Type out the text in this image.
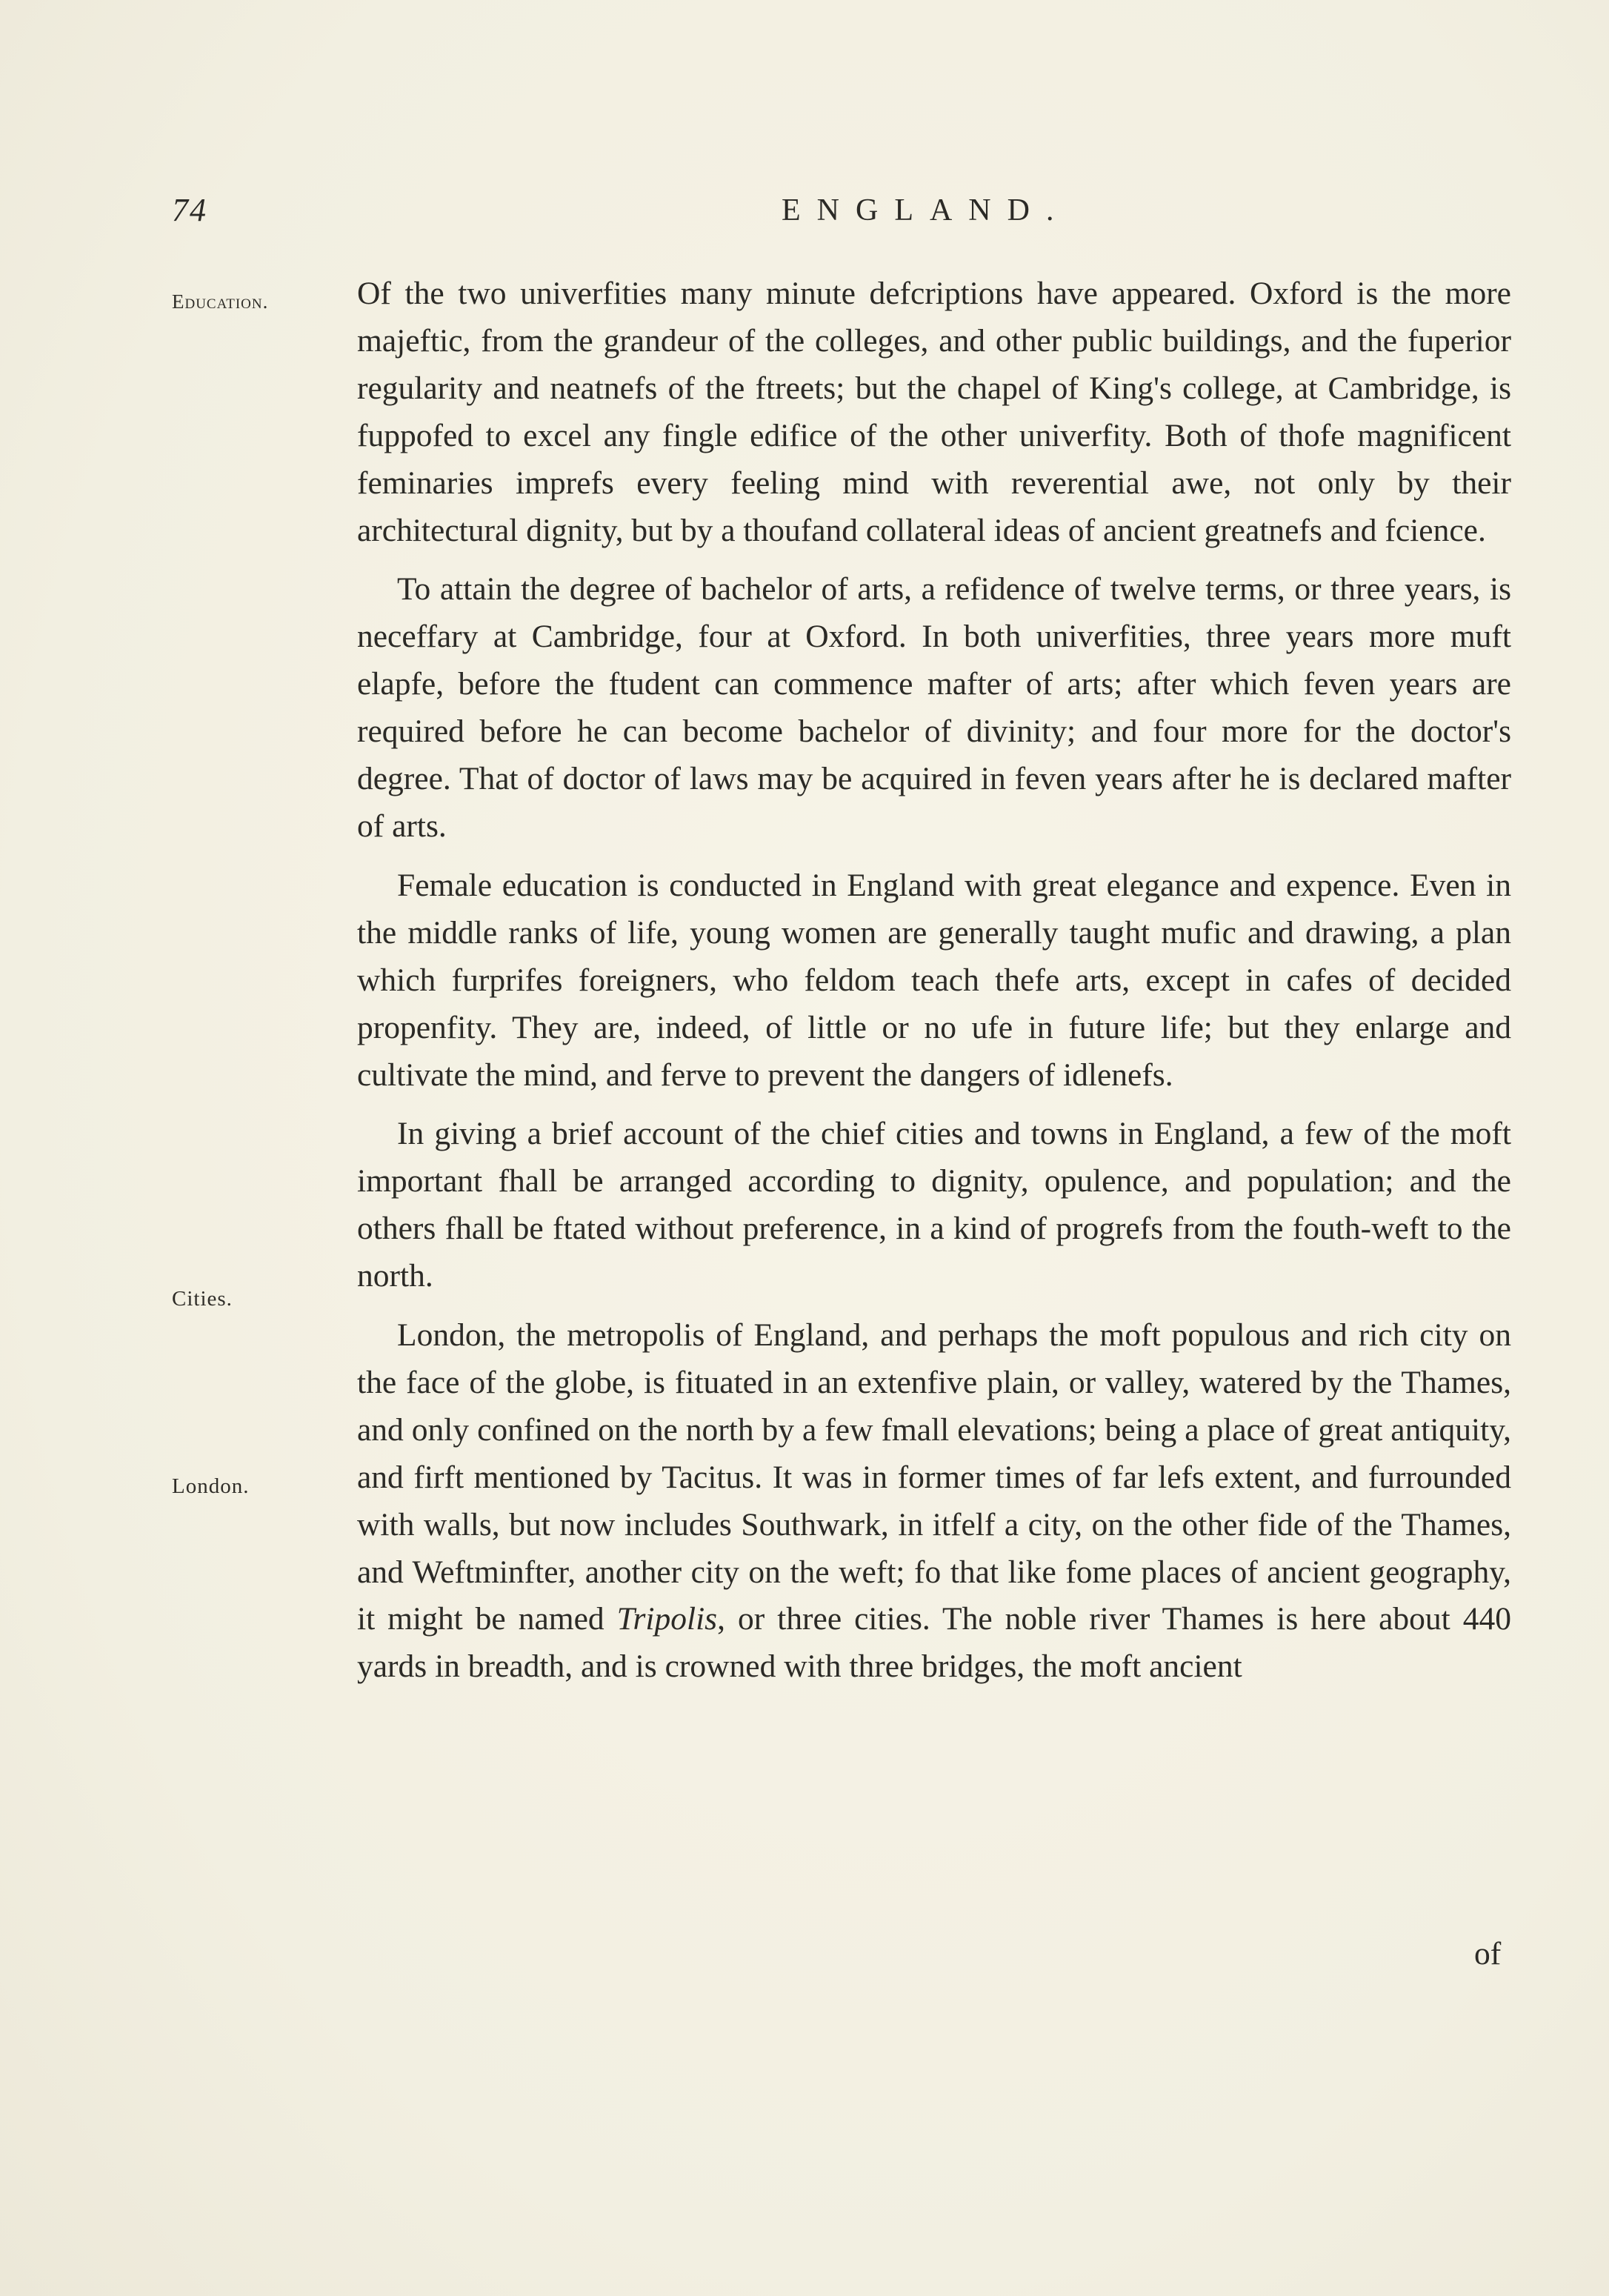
74	ENGLAND.
Education.
Cities.
London.

Of the two univerfities many minute defcriptions have appeared. Oxford is the more majeftic, from the grandeur of the colleges, and other public buildings, and the fuperior regularity and neatnefs of the ftreets; but the chapel of King's college, at Cambridge, is fuppofed to excel any fingle edifice of the other univerfity. Both of thofe magnificent feminaries imprefs every feeling mind with reverential awe, not only by their architectural dignity, but by a thoufand collateral ideas of ancient greatnefs and fcience.

To attain the degree of bachelor of arts, a refidence of twelve terms, or three years, is neceffary at Cambridge, four at Oxford. In both univerfities, three years more muft elapfe, before the ftudent can commence mafter of arts; after which feven years are required before he can become bachelor of divinity; and four more for the doctor's degree. That of doctor of laws may be acquired in feven years after he is declared mafter of arts.

Female education is conducted in England with great elegance and expence. Even in the middle ranks of life, young women are generally taught mufic and drawing, a plan which furprifes foreigners, who feldom teach thefe arts, except in cafes of decided propenfity. They are, indeed, of little or no ufe in future life; but they enlarge and cultivate the mind, and ferve to prevent the dangers of idlenefs.

In giving a brief account of the chief cities and towns in England, a few of the moft important fhall be arranged according to dignity, opulence, and population; and the others fhall be ftated without preference, in a kind of progrefs from the fouth-weft to the north.

London, the metropolis of England, and perhaps the moft populous and rich city on the face of the globe, is fituated in an extenfive plain, or valley, watered by the Thames, and only confined on the north by a few fmall elevations; being a place of great antiquity, and firft mentioned by Tacitus. It was in former times of far lefs extent, and furrounded with walls, but now includes Southwark, in itfelf a city, on the other fide of the Thames, and Weftminfter, another city on the weft; fo that like fome places of ancient geography, it might be named Tripolis, or three cities. The noble river Thames is here about 440 yards in breadth, and is crowned with three bridges, the moft ancient

of
